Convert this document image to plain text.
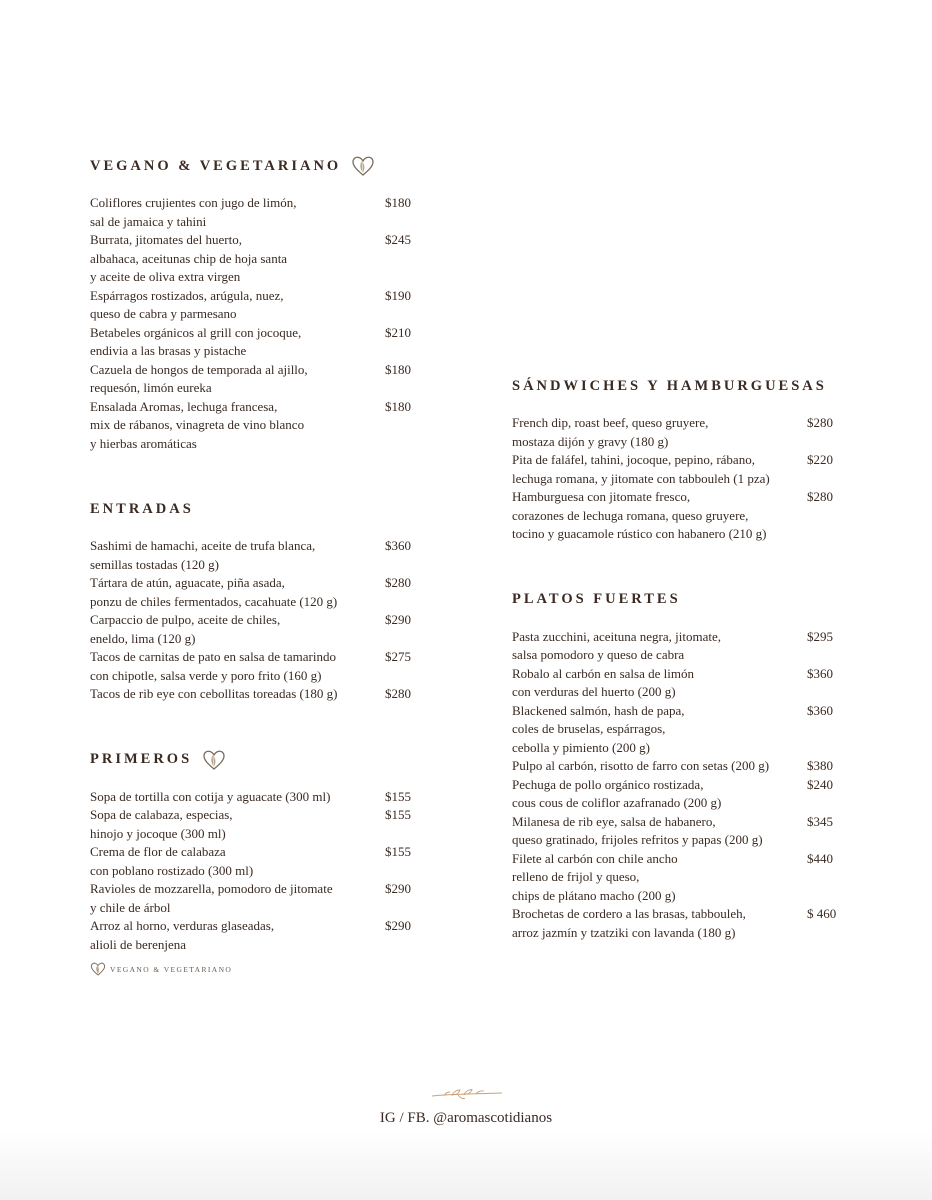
VEGANO & VEGETARIANO
Coliflores crujientes con jugo de limón,
sal de jamaica y tahini
$180
Burrata, jitomates del huerto,
albahaca, aceitunas chip de hoja santa
y aceite de oliva extra virgen
$245
Espárragos rostizados, arúgula, nuez,
queso de cabra y parmesano
$190
Betabeles orgánicos al grill con jocoque,
endivia a las brasas y pistache
$210
Cazuela de hongos de temporada al ajillo,
requesón, limón eureka
$180
Ensalada Aromas, lechuga francesa,
mix de rábanos, vinagreta de vino blanco
y hierbas aromáticas
$180
ENTRADAS
Sashimi de hamachi, aceite de trufa blanca,
semillas tostadas (120 g)
$360
Tártara de atún, aguacate, piña asada,
ponzu de chiles fermentados, cacahuate (120 g)
$280
Carpaccio de pulpo, aceite de chiles,
eneldo, lima (120 g)
$290
Tacos de carnitas de pato en salsa de tamarindo
con chipotle, salsa verde y poro frito (160 g)
$275
Tacos de rib eye con cebollitas toreadas (180 g)	$280
PRIMEROS
Sopa de tortilla con cotija y aguacate (300 ml)	$155
Sopa de calabaza, especias,
hinojo y jocoque (300 ml)
$155
Crema de flor de calabaza
con poblano rostizado (300 ml)
$155
Ravioles de mozzarella, pomodoro de jitomate
y chile de árbol
$290
Arroz al horno, verduras glaseadas,
alioli de berenjena
$290
SÁNDWICHES Y HAMBURGUESAS
French dip, roast beef, queso gruyere,
mostaza dijón y gravy (180 g)
$280
Pita de faláfel, tahini, jocoque, pepino, rábano,
lechuga romana, y jitomate con tabbouleh (1 pza)
$220
Hamburguesa con jitomate fresco,
corazones de lechuga romana, queso gruyere,
tocino y guacamole rústico con habanero (210 g)
$280
PLATOS FUERTES
Pasta zucchini, aceituna negra, jitomate,
salsa pomodoro y queso de cabra
$295
Robalo al carbón en salsa de limón
con verduras del huerto (200 g)
$360
Blackened salmón, hash de papa,
coles de bruselas, espárragos,
cebolla y pimiento (200 g)
$360
Pulpo al carbón, risotto de farro con setas (200 g)	$380
Pechuga de pollo orgánico rostizada,
cous cous de coliflor azafranado (200 g)
$240
Milanesa de rib eye, salsa de habanero,
queso gratinado, frijoles refritos y papas (200 g)
$345
Filete al carbón con chile ancho
relleno de frijol y queso,
chips de plátano macho (200 g)
$440
Brochetas de cordero a las brasas, tabbouleh,
arroz jazmín y tzatziki con lavanda (180 g)
$ 460
VEGANO & VEGETARIANO
IG / FB. @aromascotidianos
